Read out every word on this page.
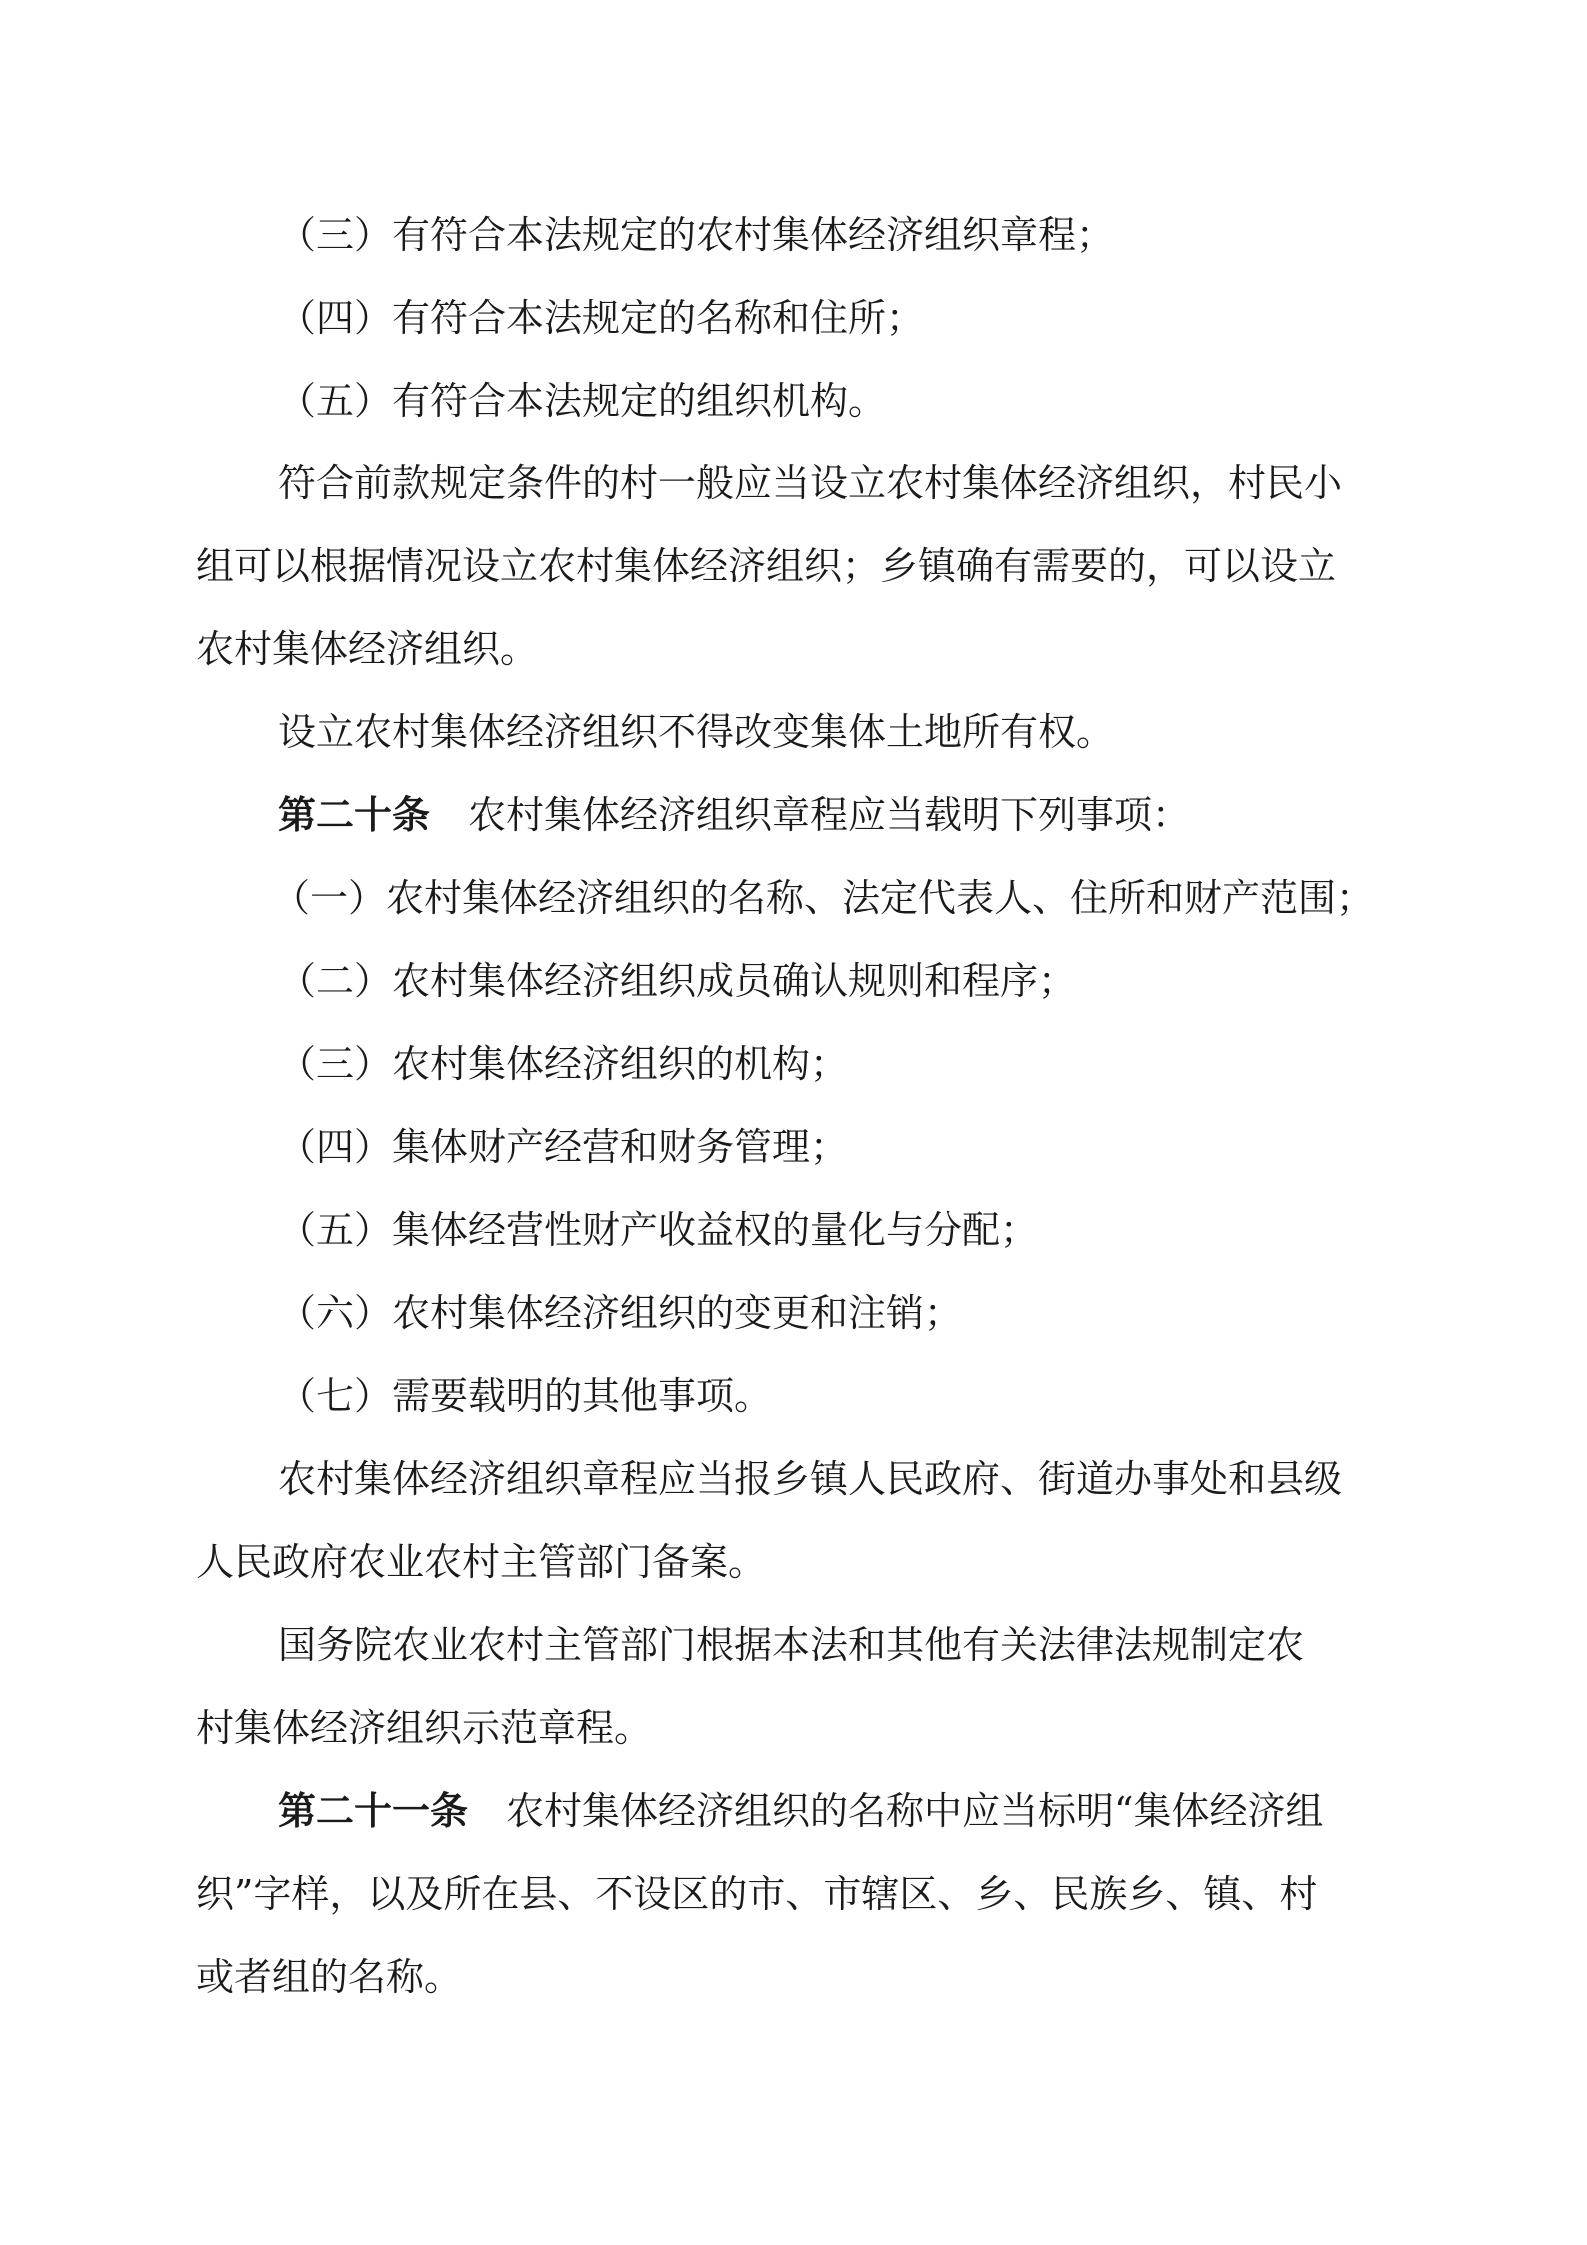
（三）有符合本法规定的农村集体经济组织章程；
（四）有符合本法规定的名称和住所；
（五）有符合本法规定的组织机构。
符合前款规定条件的村一般应当设立农村集体经济组织，村民小
组可以根据情况设立农村集体经济组织；乡镇确有需要的，可以设立
农村集体经济组织。
设立农村集体经济组织不得改变集体土地所有权。
第二十条 农村集体经济组织章程应当载明下列事项：
（一）农村集体经济组织的名称、法定代表人、住所和财产范围；
（二）农村集体经济组织成员确认规则和程序；
（三）农村集体经济组织的机构；
（四）集体财产经营和财务管理；
（五）集体经营性财产收益权的量化与分配；
（六）农村集体经济组织的变更和注销；
（七）需要载明的其他事项。
农村集体经济组织章程应当报乡镇人民政府、街道办事处和县级
人民政府农业农村主管部门备案。
国务院农业农村主管部门根据本法和其他有关法律法规制定农
村集体经济组织示范章程。
第二十一条 农村集体经济组织的名称中应当标明“集体经济组
织”字样，以及所在县、不设区的市、市辖区、乡、民族乡、镇、村
或者组的名称。
